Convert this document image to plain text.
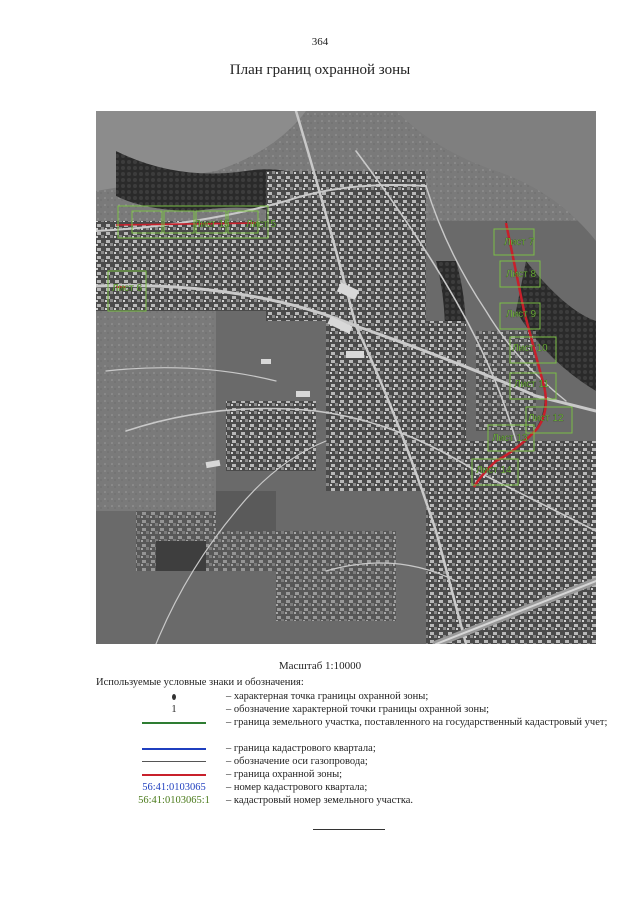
364
План границ охранной зоны
Лист 5
Лист 6
Лист 7
Лист 8
Лист 9
Лист 10
Лист 11
Лист 12
Лист 13
Лист 14
Лист 15
Масштаб 1:10000
Используемые условные знаки и обозначения:
– характерная точка границы охранной зоны;
1	– обозначение характерной точки границы охранной зоны;
– граница земельного участка, поставленного на государственный кадастровый учет;
– граница кадастрового квартала;
– обозначение оси газопровода;
– граница охранной зоны;
56:41:0103065 – номер кадастрового квартала;
56:41:0103065:1 – кадастровый номер земельного участка.
